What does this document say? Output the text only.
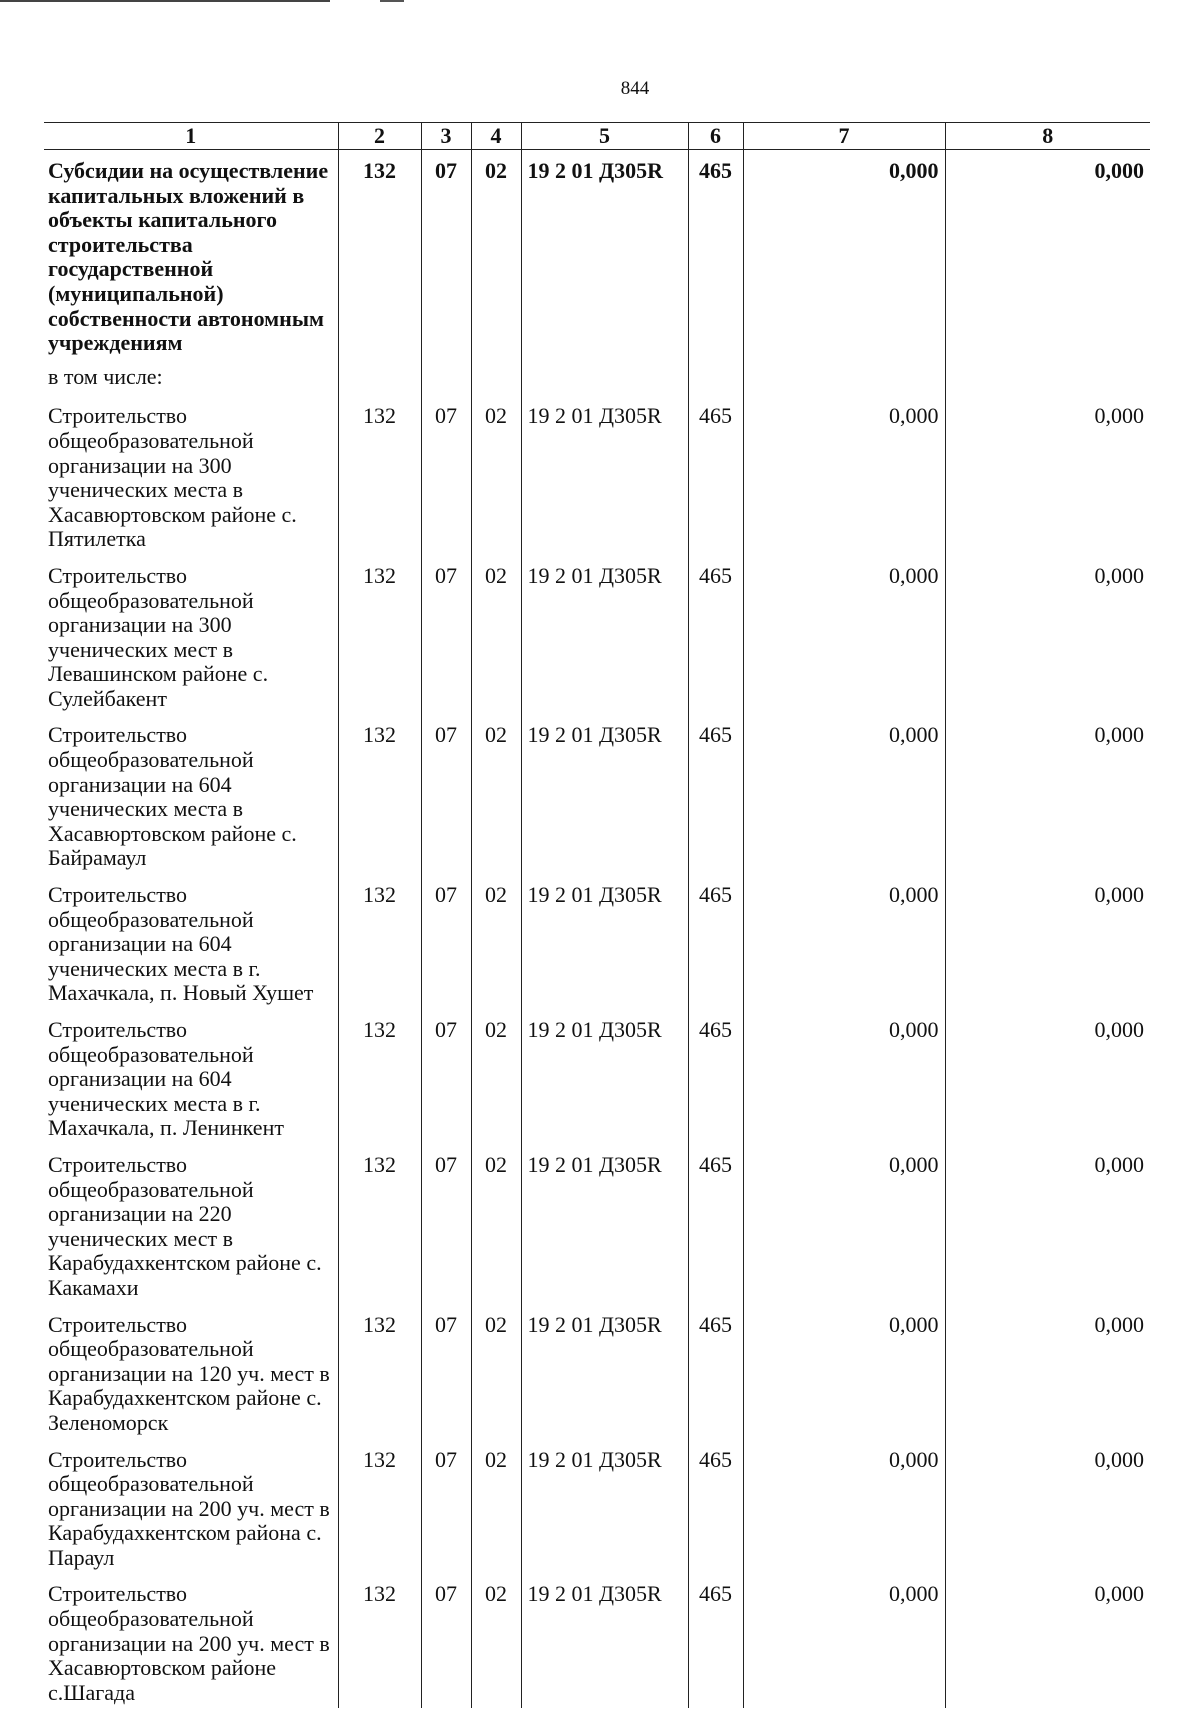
844
1	2	3	4	5	6	7	8
Субсидии на осуществление капитальных вложений в объекты капитального строительства государственной (муниципальной) собственности автономным учреждениям	132	07	02	19 2 01 Д305R	465	0,000	0,000
в том числе:							
Строительство общеобразовательной организации на 300 ученических места в Хасавюртовском районе с. Пятилетка	132	07	02	19 2 01 Д305R	465	0,000	0,000
Строительство общеобразовательной организации на 300 ученических мест в Левашинском районе с. Сулейбакент	132	07	02	19 2 01 Д305R	465	0,000	0,000
Строительство общеобразовательной организации на 604 ученических места в Хасавюртовском районе с. Байрамаул	132	07	02	19 2 01 Д305R	465	0,000	0,000
Строительство общеобразовательной организации на 604 ученических места в г. Махачкала, п. Новый Хушет	132	07	02	19 2 01 Д305R	465	0,000	0,000
Строительство общеобразовательной организации на 604 ученических места в г. Махачкала, п. Ленинкент	132	07	02	19 2 01 Д305R	465	0,000	0,000
Строительство общеобразовательной организации на 220 ученических мест в Карабудахкентском районе с. Какамахи	132	07	02	19 2 01 Д305R	465	0,000	0,000
Строительство общеобразовательной организации на 120 уч. мест в Карабудахкентском районе с. Зеленоморск	132	07	02	19 2 01 Д305R	465	0,000	0,000
Строительство общеобразовательной организации на 200 уч. мест в Карабудахкентском района с. Параул	132	07	02	19 2 01 Д305R	465	0,000	0,000
Строительство общеобразовательной организации на 200 уч. мест в Хасавюртовском районе с.Шагада	132	07	02	19 2 01 Д305R	465	0,000	0,000
